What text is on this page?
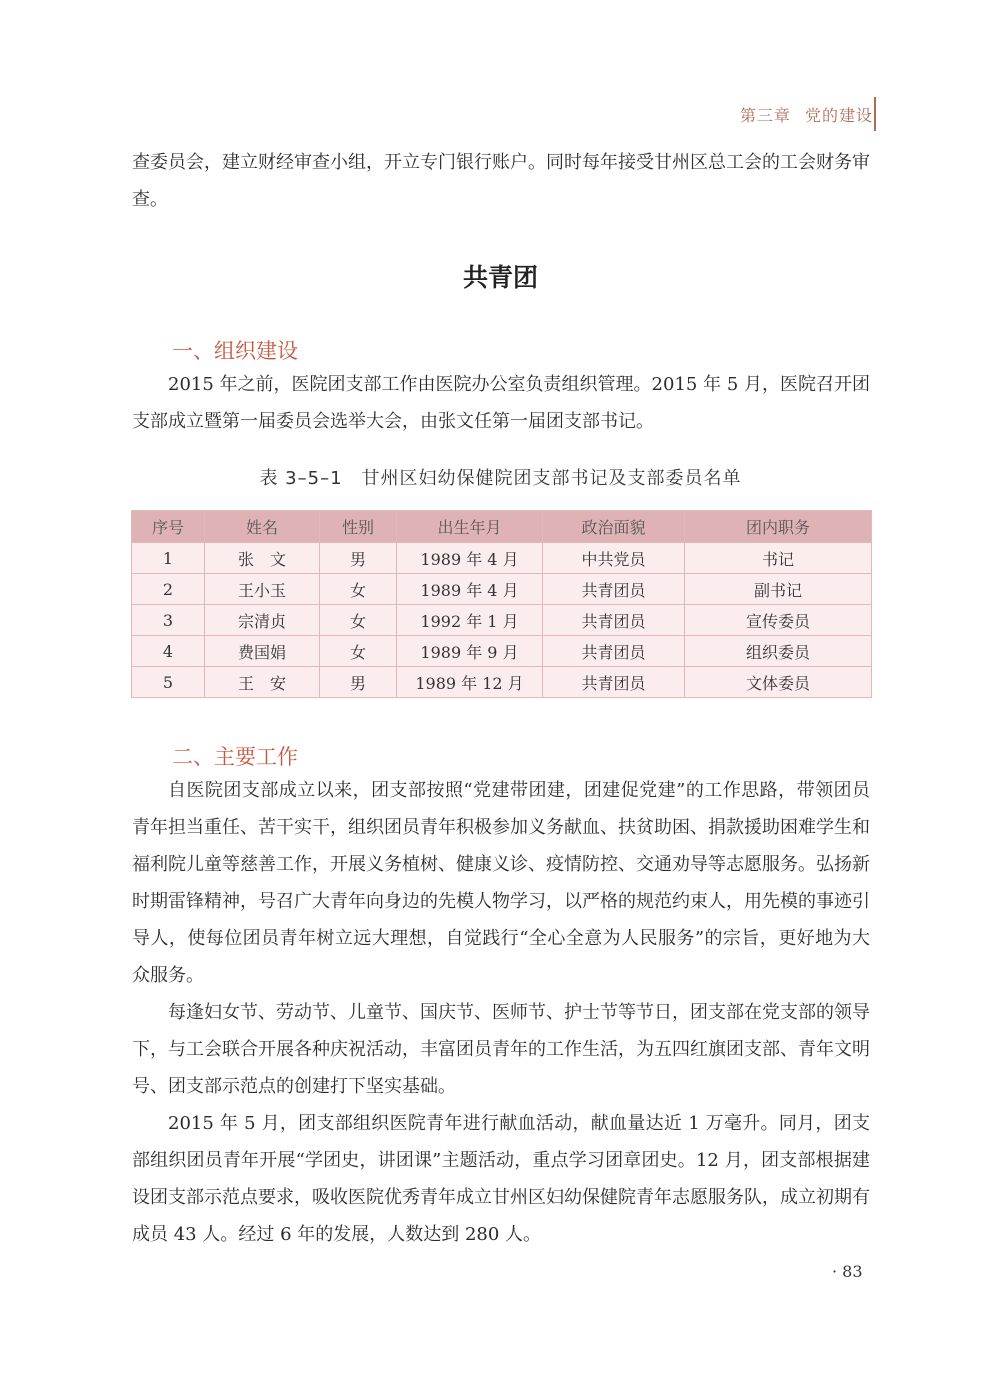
第三章 党的建设

查委员会，建立财经审查小组，开立专门银行账户。同时每年接受甘州区总工会的工会财务审查。

共青团
一、组织建设

2015 年之前，医院团支部工作由医院办公室负责组织管理。2015 年 5 月，医院召开团支部成立暨第一届委员会选举大会，由张文任第一届团支部书记。

表 3–5–1　甘州区妇幼保健院团支部书记及支部委员名单
序号	姓名	性别	出生年月	政治面貌	团内职务
1	张　文	男	1989 年 4 月	中共党员	书记
2	王小玉	女	1989 年 4 月	共青团员	副书记
3	宗清贞	女	1992 年 1 月	共青团员	宣传委员
4	费国娟	女	1989 年 9 月	共青团员	组织委员
5	王　安	男	1989 年 12 月	共青团员	文体委员
二、主要工作

自医院团支部成立以来，团支部按照“党建带团建，团建促党建”的工作思路，带领团员青年担当重任、苦干实干，组织团员青年积极参加义务献血、扶贫助困、捐款援助困难学生和福利院儿童等慈善工作，开展义务植树、健康义诊、疫情防控、交通劝导等志愿服务。弘扬新时期雷锋精神，号召广大青年向身边的先模人物学习，以严格的规范约束人，用先模的事迹引导人，使每位团员青年树立远大理想，自觉践行“全心全意为人民服务”的宗旨，更好地为大众服务。

每逢妇女节、劳动节、儿童节、国庆节、医师节、护士节等节日，团支部在党支部的领导下，与工会联合开展各种庆祝活动，丰富团员青年的工作生活，为五四红旗团支部、青年文明号、团支部示范点的创建打下坚实基础。

2015 年 5 月，团支部组织医院青年进行献血活动，献血量达近 1 万毫升。同月，团支部组织团员青年开展“学团史，讲团课”主题活动，重点学习团章团史。12 月，团支部根据建设团支部示范点要求，吸收医院优秀青年成立甘州区妇幼保健院青年志愿服务队，成立初期有成员 43 人。经过 6 年的发展，人数达到 280 人。

· 83
